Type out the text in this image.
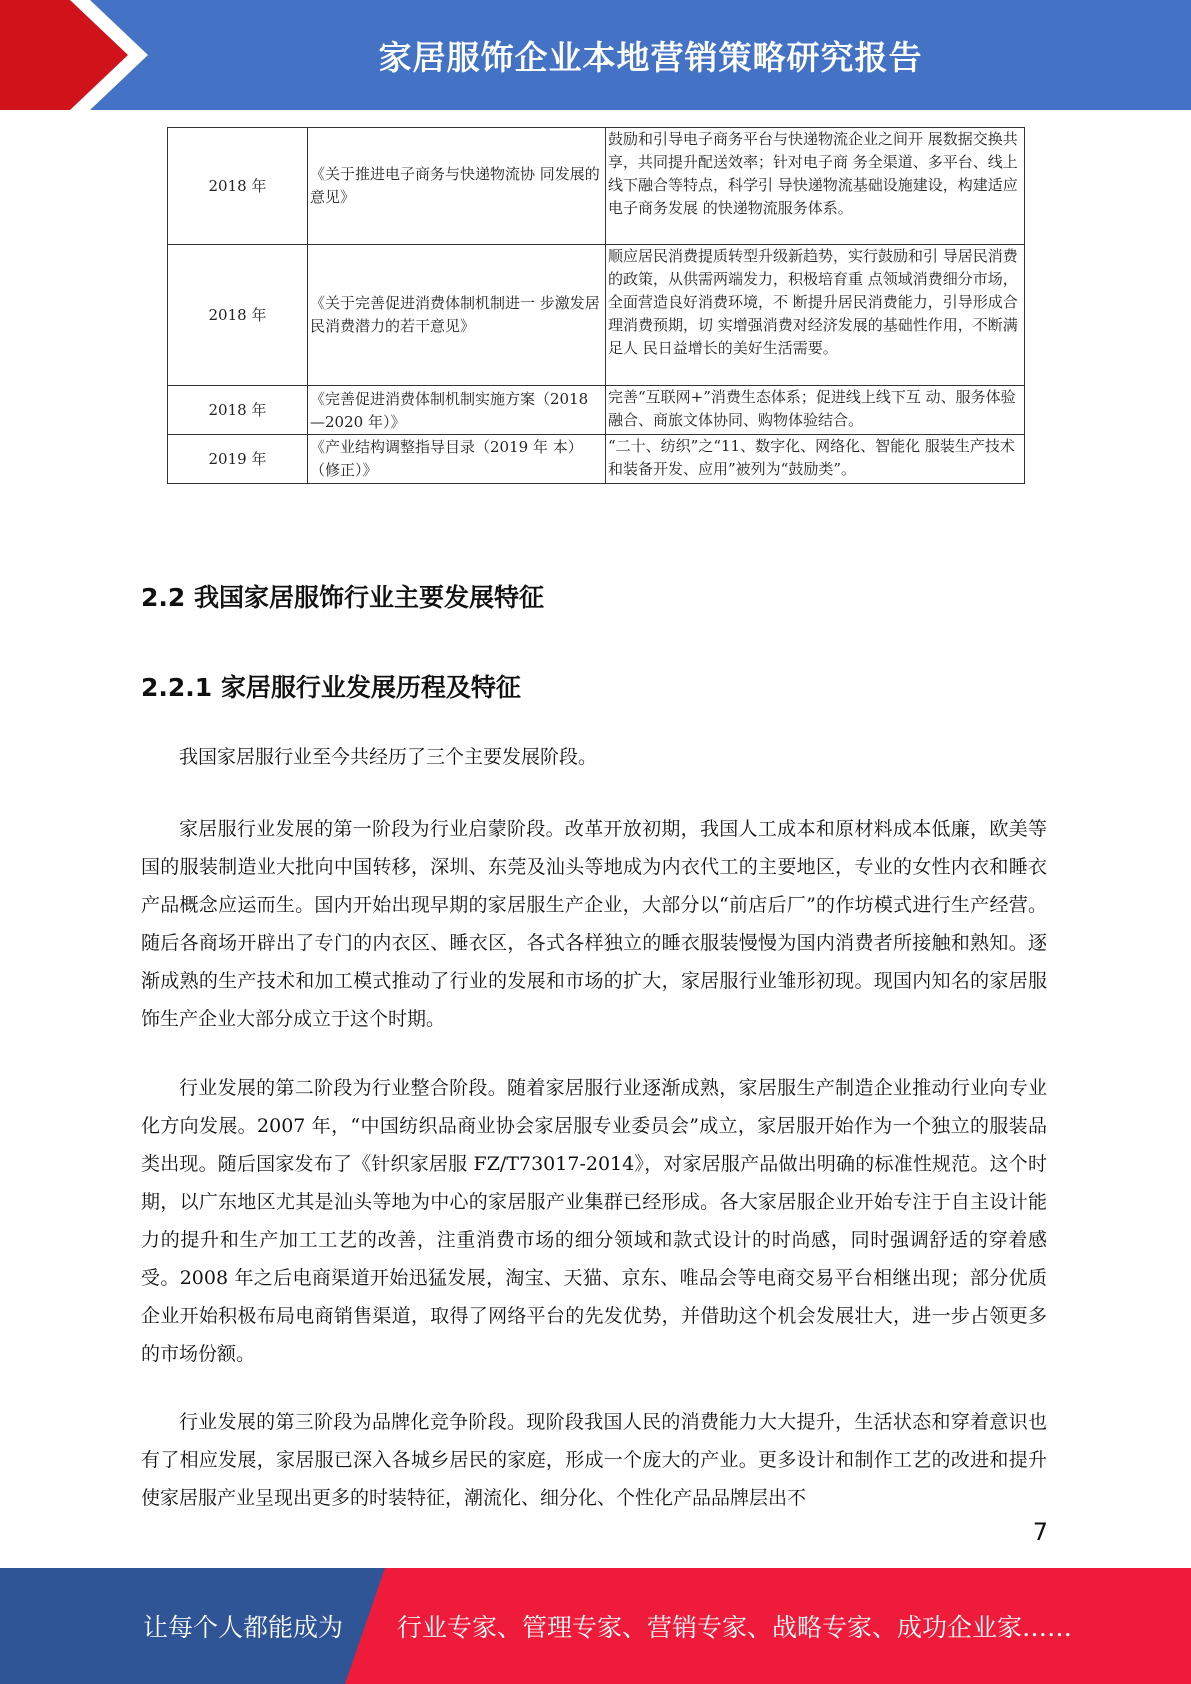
家居服饰企业本地营销策略研究报告
2018 年	《关于推进电子商务与快递物流协 同发展的意见》	鼓励和引导电子商务平台与快递物流企业之间开 展数据交换共享，共同提升配送效率；针对电子商 务全渠道、多平台、线上线下融合等特点，科学引 导快递物流基础设施建设，构建适应电子商务发展 的快递物流服务体系。
2018 年	《关于完善促进消费体制机制进一 步激发居民消费潜力的若干意见》	顺应居民消费提质转型升级新趋势，实行鼓励和引 导居民消费的政策，从供需两端发力，积极培育重 点领域消费细分市场，全面营造良好消费环境，不 断提升居民消费能力，引导形成合理消费预期，切 实增强消费对经济发展的基础性作用，不断满足人 民日益增长的美好生活需要。
2018 年	《完善促进消费体制机制实施方案（2018—2020 年）》	完善“互联网+”消费生态体系；促进线上线下互 动、服务体验融合、商旅文体协同、购物体验结合。
2019 年	《产业结构调整指导目录（2019 年 本）（修正）》	“二十、纺织”之“11、数字化、网络化、智能化 服装生产技术和装备开发、应用”被列为“鼓励类”。
2.2 我国家居服饰行业主要发展特征
2.2.1 家居服行业发展历程及特征

我国家居服行业至今共经历了三个主要发展阶段。

家居服行业发展的第一阶段为行业启蒙阶段。改革开放初期，我国人工成本和原材料成本低廉，欧美等国的服装制造业大批向中国转移，深圳、东莞及汕头等地成为内衣代工的主要地区，专业的女性内衣和睡衣产品概念应运而生。国内开始出现早期的家居服生产企业，大部分以“前店后厂”的作坊模式进行生产经营。随后各商场开辟出了专门的内衣区、睡衣区，各式各样独立的睡衣服装慢慢为国内消费者所接触和熟知。逐渐成熟的生产技术和加工模式推动了行业的发展和市场的扩大，家居服行业雏形初现。现国内知名的家居服饰生产企业大部分成立于这个时期。

行业发展的第二阶段为行业整合阶段。随着家居服行业逐渐成熟，家居服生产制造企业推动行业向专业化方向发展。2007 年，“中国纺织品商业协会家居服专业委员会”成立，家居服开始作为一个独立的服装品类出现。随后国家发布了《针织家居服 FZ/T73017-2014》，对家居服产品做出明确的标准性规范。这个时期，以广东地区尤其是汕头等地为中心的家居服产业集群已经形成。各大家居服企业开始专注于自主设计能力的提升和生产加工工艺的改善，注重消费市场的细分领域和款式设计的时尚感，同时强调舒适的穿着感受。2008 年之后电商渠道开始迅猛发展，淘宝、天猫、京东、唯品会等电商交易平台相继出现；部分优质企业开始积极布局电商销售渠道，取得了网络平台的先发优势，并借助这个机会发展壮大，进一步占领更多的市场份额。

行业发展的第三阶段为品牌化竞争阶段。现阶段我国人民的消费能力大大提升，生活状态和穿着意识也有了相应发展，家居服已深入各城乡居民的家庭，形成一个庞大的产业。更多设计和制作工艺的改进和提升使家居服产业呈现出更多的时装特征，潮流化、细分化、个性化产品品牌层出不

7
让每个人都能成为	行业专家、管理专家、营销专家、战略专家、成功企业家……
